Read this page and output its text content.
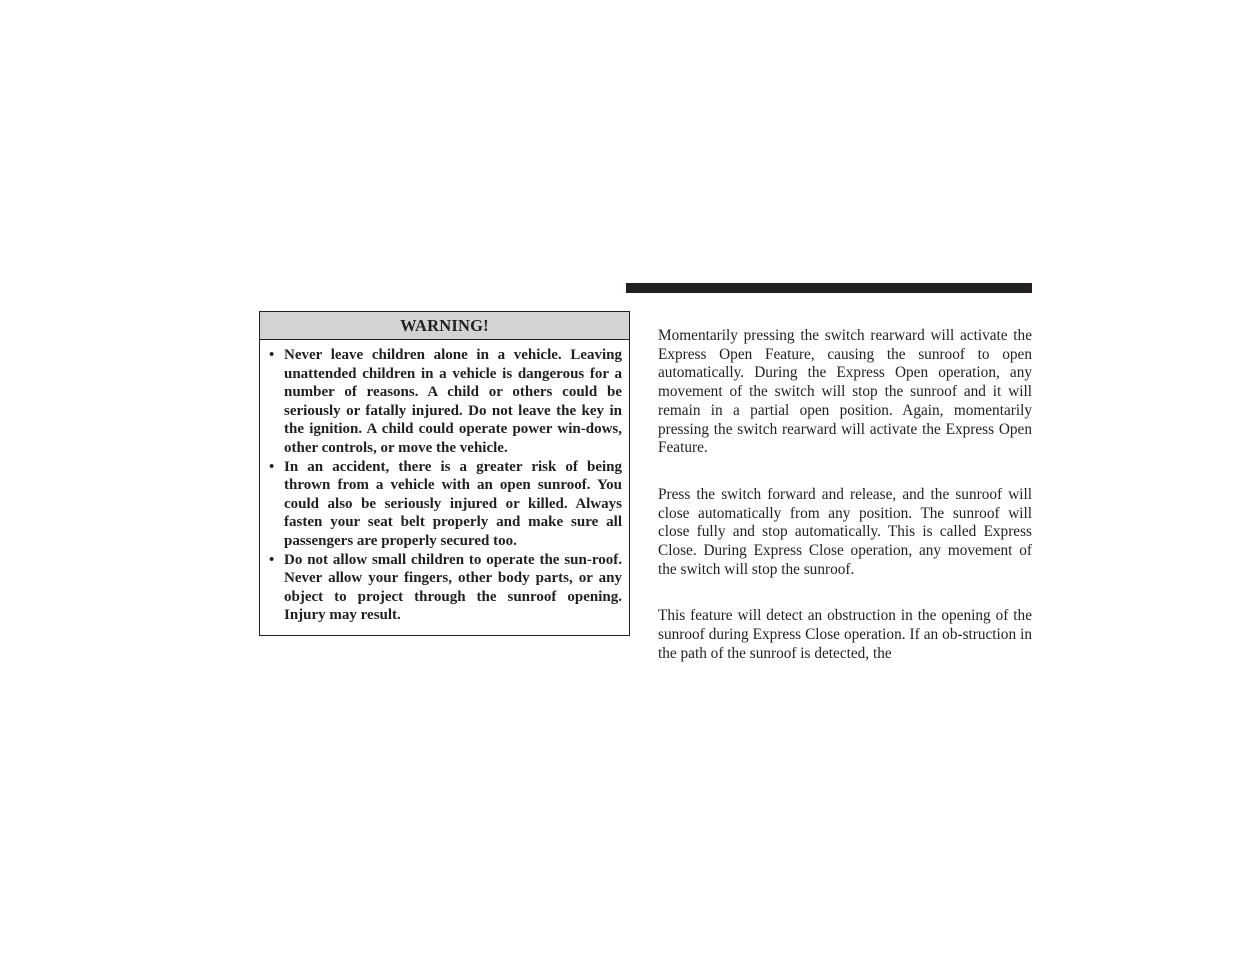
WARNING!
• Never leave children alone in a vehicle. Leaving unattended children in a vehicle is dangerous for a number of reasons. A child or others could be seriously or fatally injured. Do not leave the key in the ignition. A child could operate power win-dows, other controls, or move the vehicle.
• In an accident, there is a greater risk of being thrown from a vehicle with an open sunroof. You could also be seriously injured or killed. Always fasten your seat belt properly and make sure all passengers are properly secured too.
• Do not allow small children to operate the sun-roof. Never allow your fingers, other body parts, or any object to project through the sunroof opening. Injury may result.

Momentarily pressing the switch rearward will activate the Express Open Feature, causing the sunroof to open automatically. During the Express Open operation, any movement of the switch will stop the sunroof and it will remain in a partial open position. Again, momentarily pressing the switch rearward will activate the Express Open Feature.

Press the switch forward and release, and the sunroof will close automatically from any position. The sunroof will close fully and stop automatically. This is called Express Close. During Express Close operation, any movement of the switch will stop the sunroof.

This feature will detect an obstruction in the opening of the sunroof during Express Close operation. If an ob-struction in the path of the sunroof is detected, the
